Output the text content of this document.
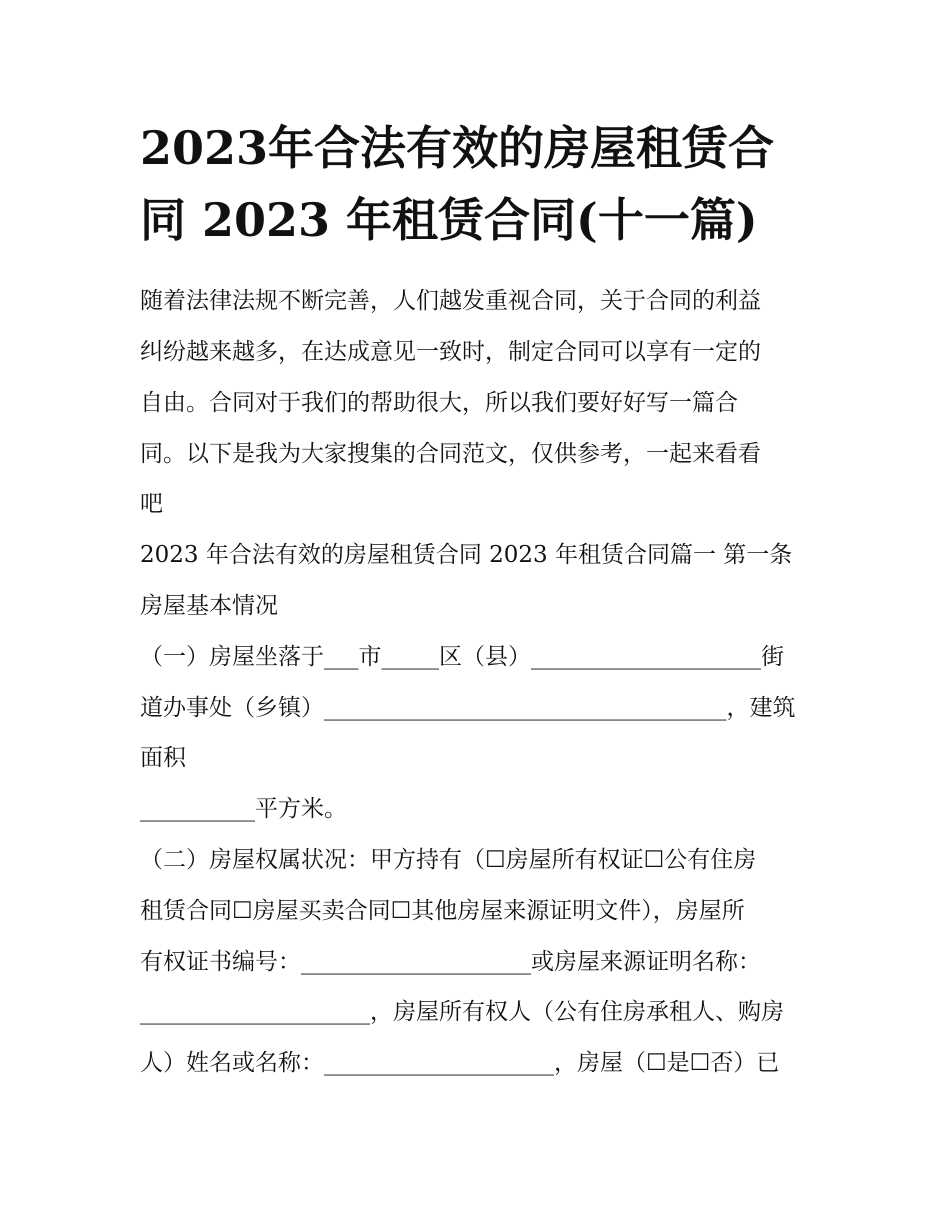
2023年合法有效的房屋租赁合
同 2023 年租赁合同(十一篇)

随着法律法规不断完善，人们越发重视合同，关于合同的利益

纠纷越来越多，在达成意见一致时，制定合同可以享有一定的

自由。合同对于我们的帮助很大，所以我们要好好写一篇合

同。以下是我为大家搜集的合同范文，仅供参考，一起来看看

吧

2023 年合法有效的房屋租赁合同 2023 年租赁合同篇一 第一条

房屋基本情况

（一）房屋坐落于___市_____区（县）____________________街

道办事处（乡镇）___________________________________，建筑

面积

__________平方米。

（二）房屋权属状况：甲方持有（☐房屋所有权证☐公有住房

租赁合同☐房屋买卖合同☐其他房屋来源证明文件），房屋所

有权证书编号：____________________或房屋来源证明名称：

____________________，房屋所有权人（公有住房承租人、购房

人）姓名或名称：____________________，房屋（☐是☐否）已
